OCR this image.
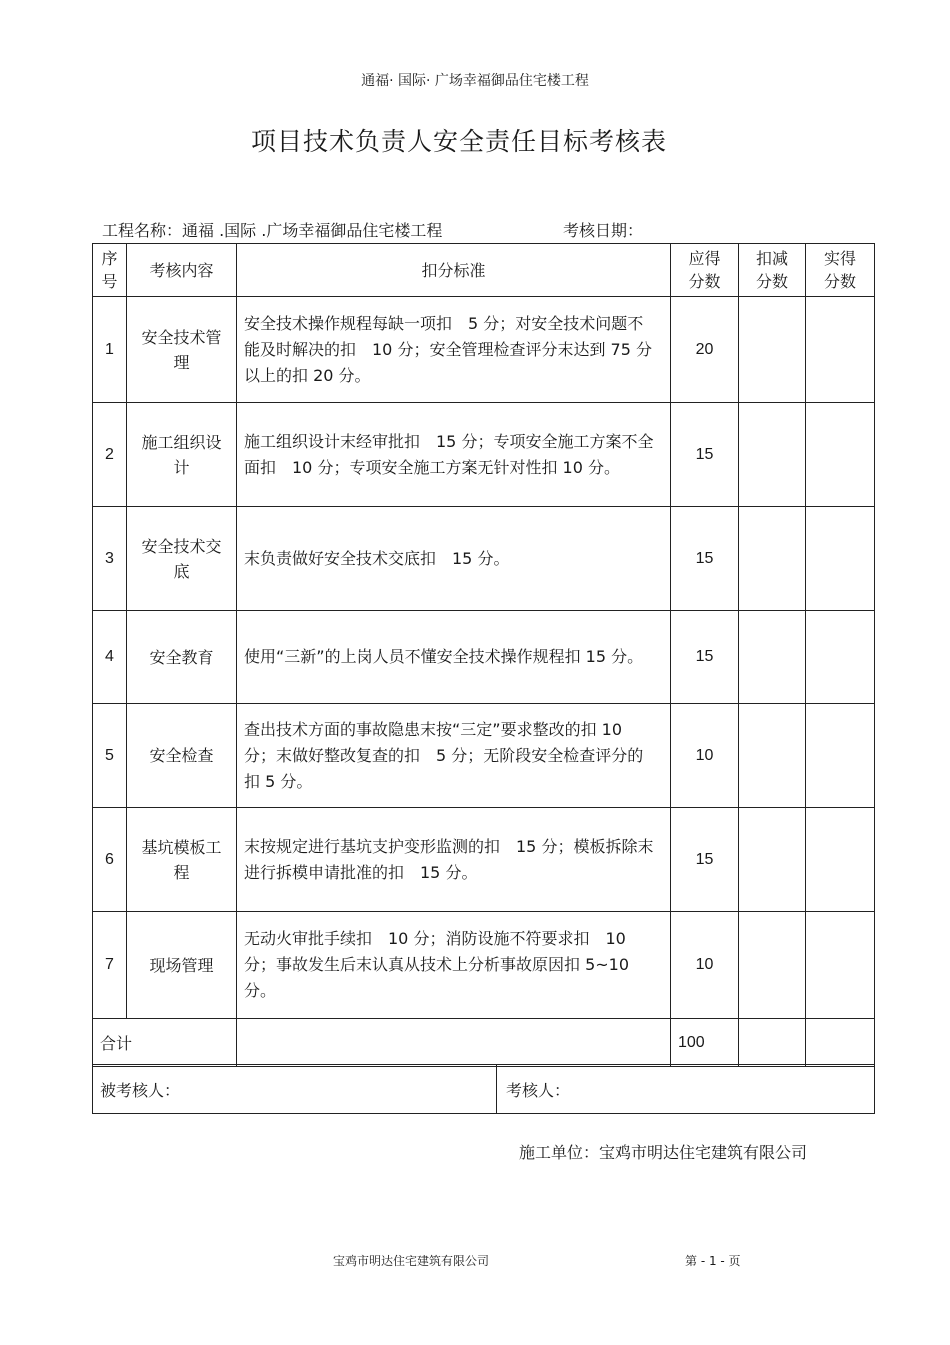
通福· 国际· 广场幸福御品住宅楼工程
项目技术负责人安全责任目标考核表
工程名称：通福 .国际 .广场幸福御品住宅楼工程	考核日期：
序号	考核内容	扣分标准	应得分数	扣减分数	实得分数
1	安全技术管理	安全技术操作规程每缺一项扣　5 分；对安全技术问题不能及时解决的扣　10 分；安全管理检查评分末达到 75 分以上的扣 20 分。	20		
2	施工组织设计	施工组织设计末经审批扣　15 分；专项安全施工方案不全面扣　10 分；专项安全施工方案无针对性扣 10 分。	15		
3	安全技术交底	末负责做好安全技术交底扣　15 分。	15		
4	安全教育	使用“三新”的上岗人员不懂安全技术操作规程扣 15 分。	15		
5	安全检查	查出技术方面的事故隐患末按“三定”要求整改的扣 10 分；末做好整改复查的扣　5 分；无阶段安全检查评分的扣 5 分。	10		
6	基坑模板工程	末按规定进行基坑支护变形监测的扣　15 分；模板拆除末进行拆模申请批准的扣　15 分。	15		
7	现场管理	无动火审批手续扣　10 分；消防设施不符要求扣　10 分；事故发生后末认真从技术上分析事故原因扣 5~10 分。	10		
合计			100		
被考核人：	考核人：
施工单位：宝鸡市明达住宅建筑有限公司
宝鸡市明达住宅建筑有限公司	第 - 1 - 页
